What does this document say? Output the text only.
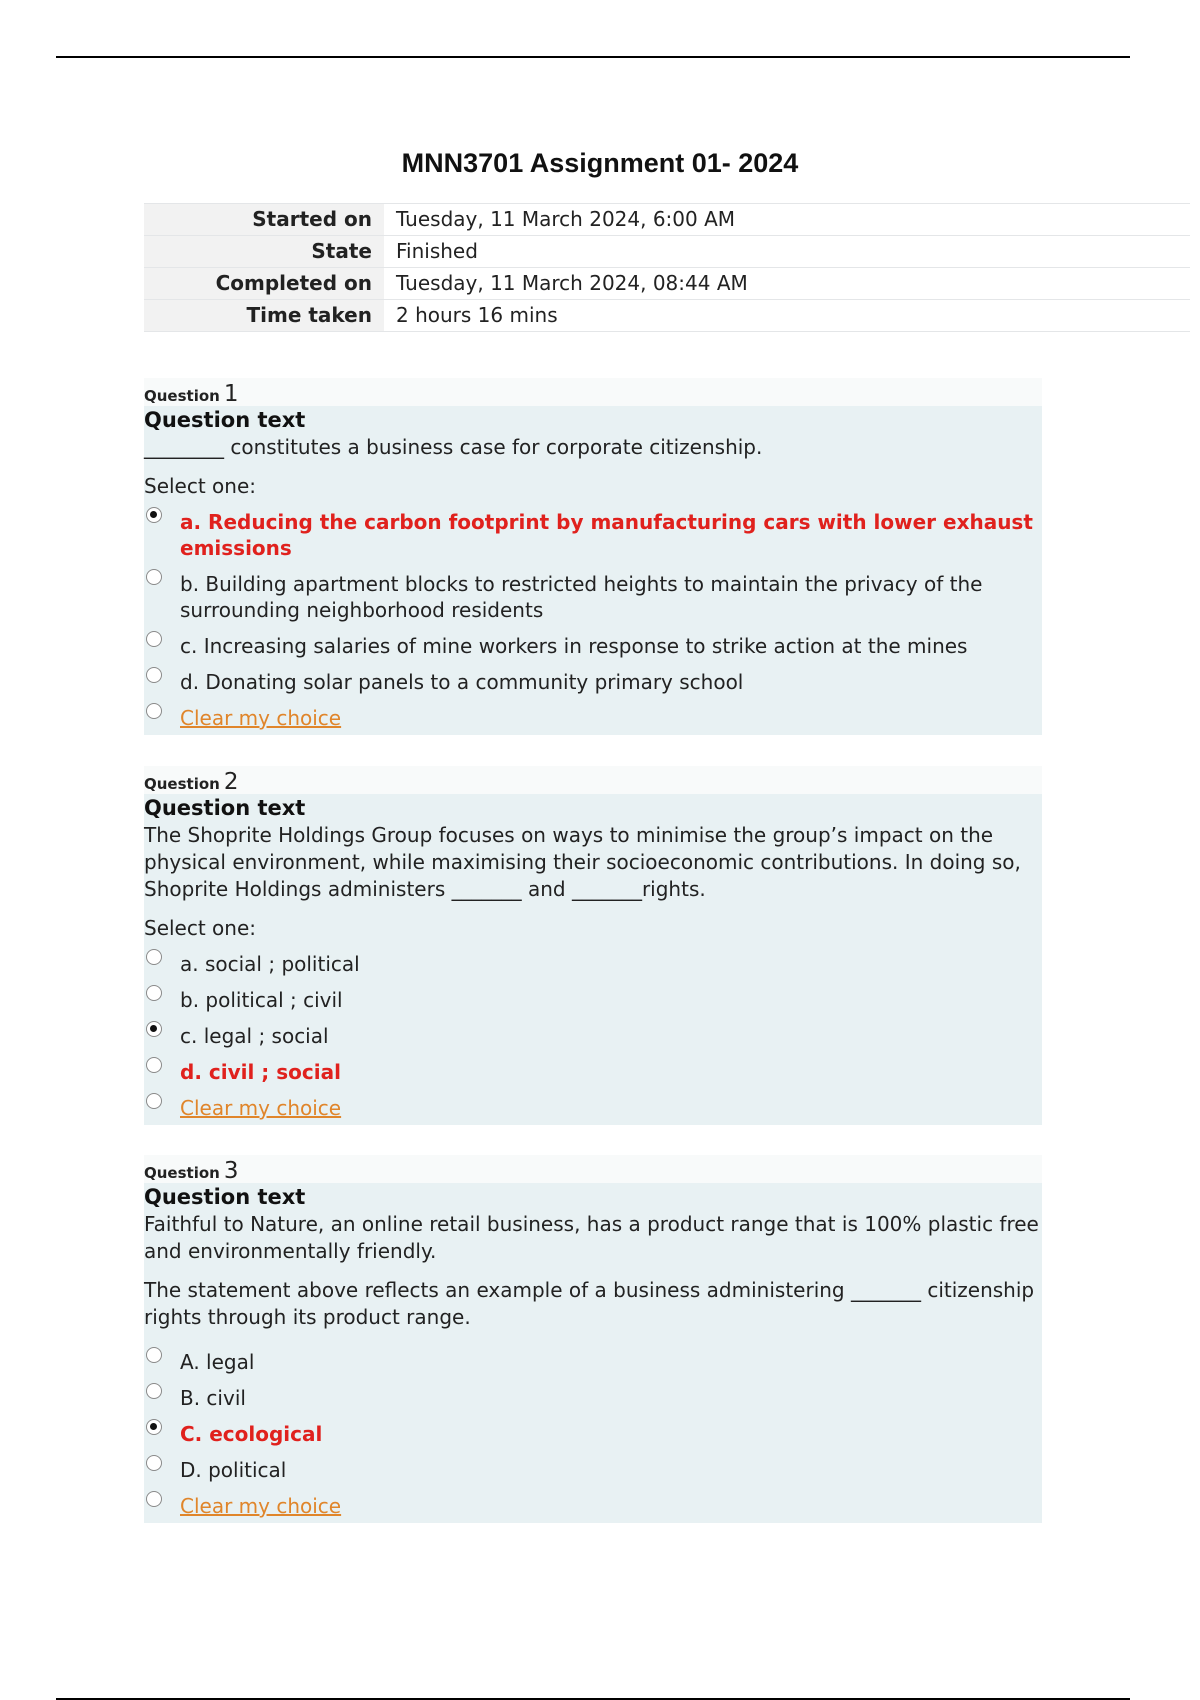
MNN3701 Assignment 01- 2024
Started on	Tuesday, 11 March 2024, 6:00 AM
State	Finished
Completed on	Tuesday, 11 March 2024, 08:44 AM
Time taken	2 hours 16 mins
Question 1
Question text

________ constitutes a business case for corporate citizenship.

Select one:
a. Reducing the carbon footprint by manufacturing cars with lower exhaust emissions
b. Building apartment blocks to restricted heights to maintain the privacy of the surrounding neighborhood residents
c. Increasing salaries of mine workers in response to strike action at the mines
d. Donating solar panels to a community primary school
Clear my choice
Question 2
Question text

The Shoprite Holdings Group focuses on ways to minimise the group’s impact on the physical environment, while maximising their socioeconomic contributions. In doing so, Shoprite Holdings administers _______ and _______rights.

Select one:
a. social ; political
b. political ; civil
c. legal ; social
d. civil ; social
Clear my choice
Question 3
Question text

Faithful to Nature, an online retail business, has a product range that is 100% plastic free and environmentally friendly.

The statement above reflects an example of a business administering _______ citizenship rights through its product range.

A. legal
B. civil
C. ecological
D. political
Clear my choice
